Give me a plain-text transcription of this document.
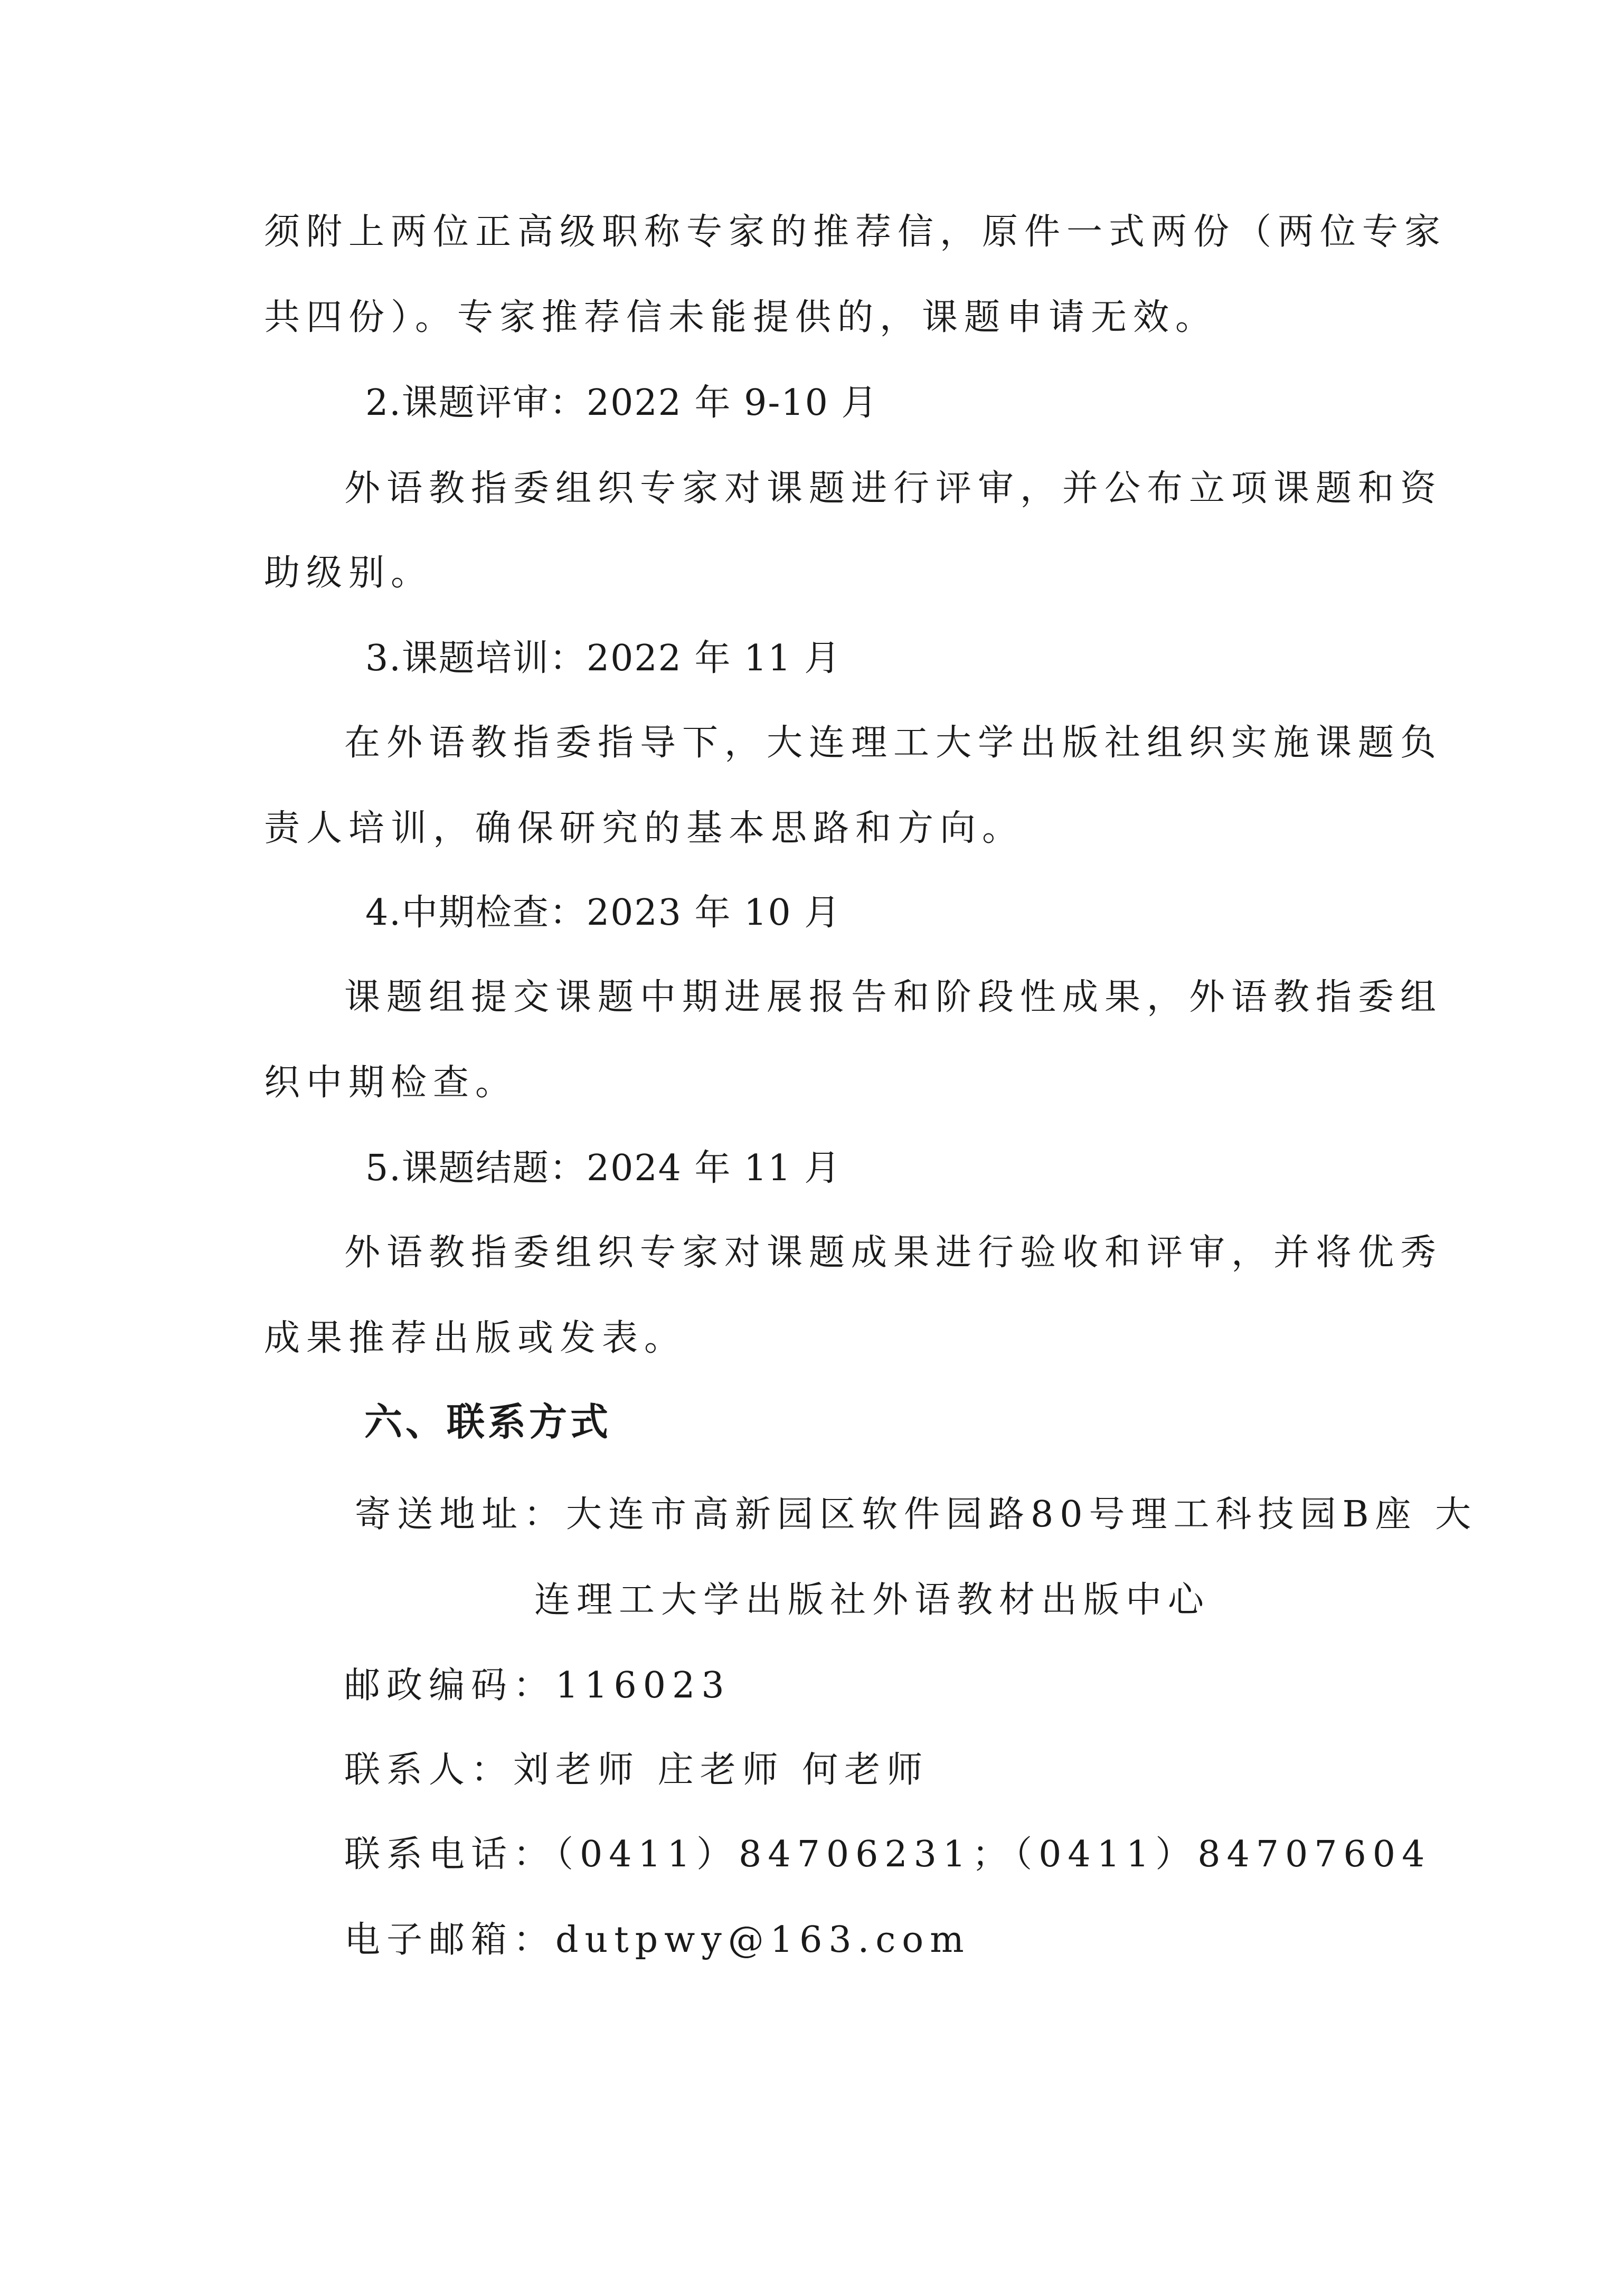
须附上两位正高级职称专家的推荐信，原件一式两份（两位专家

共四份）。专家推荐信未能提供的，课题申请无效。

2.课题评审：2022 年 9-10 月

外语教指委组织专家对课题进行评审，并公布立项课题和资

助级别。

3.课题培训：2022 年 11 月

在外语教指委指导下，大连理工大学出版社组织实施课题负

责人培训，确保研究的基本思路和方向。

4.中期检查：2023 年 10 月

课题组提交课题中期进展报告和阶段性成果，外语教指委组

织中期检查。

5.课题结题：2024 年 11 月

外语教指委组织专家对课题成果进行验收和评审，并将优秀

成果推荐出版或发表。

六、联系方式

寄送地址：大连市高新园区软件园路80号理工科技园B座 大

连理工大学出版社外语教材出版中心

邮政编码：116023

联系人：刘老师 庄老师 何老师

联系电话：（0411）84706231；（0411）84707604

电子邮箱：dutpwy@163.com
